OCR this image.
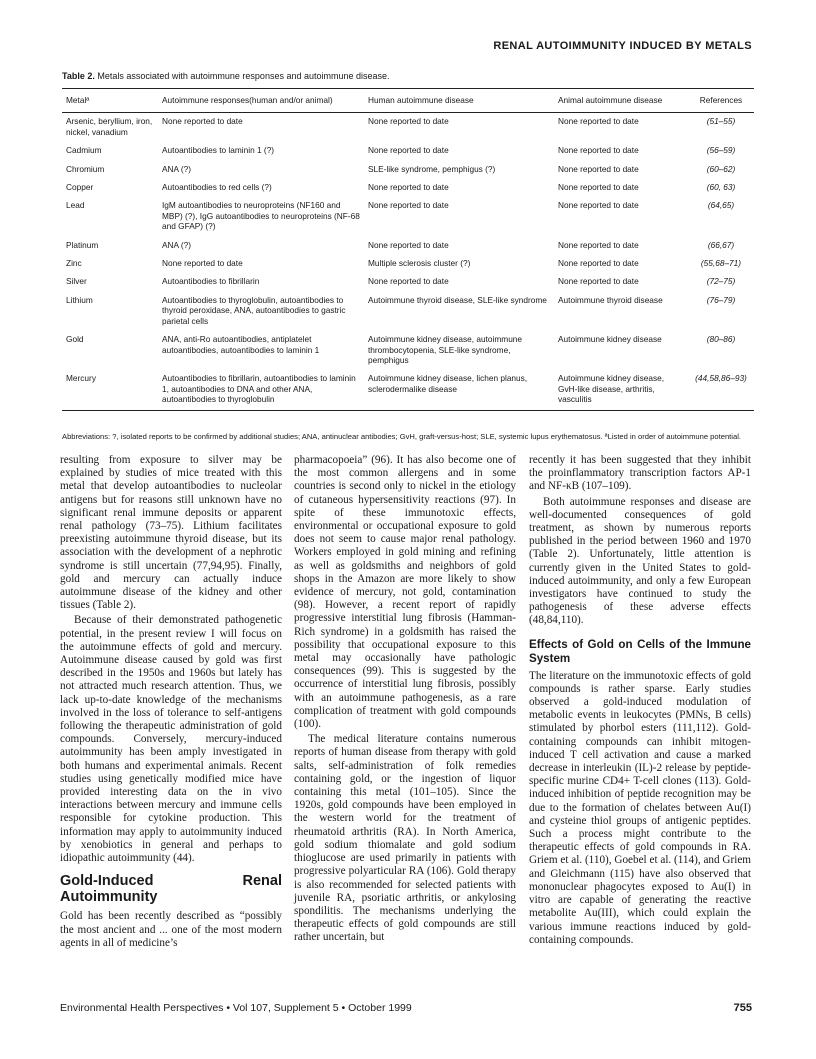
RENAL AUTOIMMUNITY INDUCED BY METALS
Table 2. Metals associated with autoimmune responses and autoimmune disease.
Metalª	Autoimmune responses(human and/or animal)	Human autoimmune disease	Animal autoimmune disease	References
Arsenic, beryllium, iron, nickel, vanadium	None reported to date	None reported to date	None reported to date	(51–55)
Cadmium	Autoantibodies to laminin 1 (?)	None reported to date	None reported to date	(56–59)
Chromium	ANA (?)	SLE-like syndrome, pemphigus (?)	None reported to date	(60–62)
Copper	Autoantibodies to red cells (?)	None reported to date	None reported to date	(60, 63)
Lead	IgM autoantibodies to neuroproteins (NF160 and MBP) (?), IgG autoantibodies to neuroproteins (NF-68 and GFAP) (?)	None reported to date	None reported to date	(64,65)
Platinum	ANA (?)	None reported to date	None reported to date	(66,67)
Zinc	None reported to date	Multiple sclerosis cluster (?)	None reported to date	(55,68–71)
Silver	Autoantibodies to fibrillarin	None reported to date	None reported to date	(72–75)
Lithium	Autoantibodies to thyroglobulin, autoantibodies to thyroid peroxidase, ANA, autoantibodies to gastric parietal cells	Autoimmune thyroid disease, SLE-like syndrome	Autoimmune thyroid disease	(76–79)
Gold	ANA, anti-Ro autoantibodies, antiplatelet autoantibodies, autoantibodies to laminin 1	Autoimmune kidney disease, autoimmune thrombocytopenia, SLE-like syndrome, pemphigus	Autoimmune kidney disease	(80–86)
Mercury	Autoantibodies to fibrillarin, autoantibodies to laminin 1, autoantibodies to DNA and other ANA, autoantibodies to thyroglobulin	Autoimmune kidney disease, lichen planus, sclerodermalike disease	Autoimmune kidney disease, GvH-like disease, arthritis, vasculitis	(44,58,86–93)
Abbreviations: ?, isolated reports to be confirmed by additional studies; ANA, antinuclear antibodies; GvH, graft-versus-host; SLE, systemic lupus erythematosus. ªListed in order of autoimmune potential.

resulting from exposure to silver may be explained by studies of mice treated with this metal that develop autoantibodies to nucleolar antigens but for reasons still unknown have no significant renal immune deposits or apparent renal pathology (73–75). Lithium facilitates preexisting autoimmune thyroid disease, but its association with the development of a nephrotic syndrome is still uncertain (77,94,95). Finally, gold and mercury can actually induce autoimmune disease of the kidney and other tissues (Table 2).

Because of their demonstrated pathogenetic potential, in the present review I will focus on the autoimmune effects of gold and mercury. Autoimmune disease caused by gold was first described in the 1950s and 1960s but lately has not attracted much research attention. Thus, we lack up-to-date knowledge of the mechanisms involved in the loss of tolerance to self-antigens following the therapeutic administration of gold compounds. Conversely, mercury-induced autoimmunity has been amply investigated in both humans and experimental animals. Recent studies using genetically modified mice have provided interesting data on the in vivo interactions between mercury and immune cells responsible for cytokine production. This information may apply to autoimmunity induced by xenobiotics in general and perhaps to idiopathic autoimmunity (44).

Gold-Induced Renal Autoimmunity

Gold has been recently described as “possibly the most ancient and ... one of the most modern agents in all of medicine’s

pharmacopoeia” (96). It has also become one of the most common allergens and in some countries is second only to nickel in the etiology of cutaneous hypersensitivity reactions (97). In spite of these immunotoxic effects, environmental or occupational exposure to gold does not seem to cause major renal pathology. Workers employed in gold mining and refining as well as goldsmiths and neighbors of gold shops in the Amazon are more likely to show evidence of mercury, not gold, contamination (98). However, a recent report of rapidly progressive interstitial lung fibrosis (Hamman-Rich syndrome) in a goldsmith has raised the possibility that occupational exposure to this metal may occasionally have pathologic consequences (99). This is suggested by the occurrence of interstitial lung fibrosis, possibly with an autoimmune pathogenesis, as a rare complication of treatment with gold compounds (100).

The medical literature contains numerous reports of human disease from therapy with gold salts, self-administration of folk remedies containing gold, or the ingestion of liquor containing this metal (101–105). Since the 1920s, gold compounds have been employed in the western world for the treatment of rheumatoid arthritis (RA). In North America, gold sodium thiomalate and gold sodium thioglucose are used primarily in patients with progressive polyarticular RA (106). Gold therapy is also recommended for selected patients with juvenile RA, psoriatic arthritis, or ankylosing spondilitis. The mechanisms underlying the therapeutic effects of gold compounds are still rather uncertain, but

recently it has been suggested that they inhibit the proinflammatory transcription factors AP-1 and NF-κB (107–109).

Both autoimmune responses and disease are well-documented consequences of gold treatment, as shown by numerous reports published in the period between 1960 and 1970 (Table 2). Unfortunately, little attention is currently given in the United States to gold-induced autoimmunity, and only a few European investigators have continued to study the pathogenesis of these adverse effects (48,84,110).

Effects of Gold on Cells of the Immune System

The literature on the immunotoxic effects of gold compounds is rather sparse. Early studies observed a gold-induced modulation of metabolic events in leukocytes (PMNs, B cells) stimulated by phorbol esters (111,112). Gold-containing compounds can inhibit mitogen-induced T cell activation and cause a marked decrease in interleukin (IL)-2 release by peptide-specific murine CD4+ T-cell clones (113). Gold-induced inhibition of peptide recognition may be due to the formation of chelates between Au(I) and cysteine thiol groups of antigenic peptides. Such a process might contribute to the therapeutic effects of gold compounds in RA. Griem et al. (110), Goebel et al. (114), and Griem and Gleichmann (115) have also observed that mononuclear phagocytes exposed to Au(I) in vitro are capable of generating the reactive metabolite Au(III), which could explain the various immune reactions induced by gold-containing compounds.

Environmental Health Perspectives • Vol 107, Supplement 5 • October 1999	755
